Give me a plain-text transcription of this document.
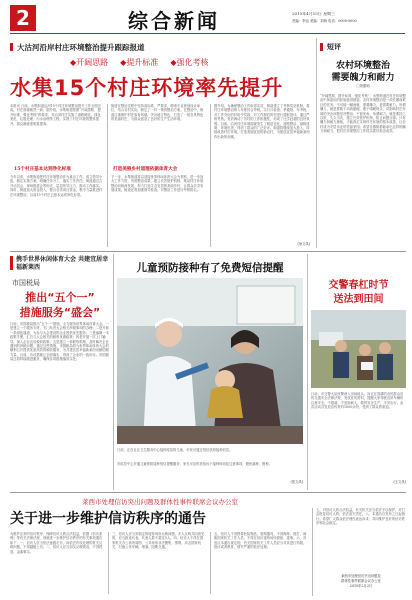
2	综合新闻	2015年4月15日 星期三
责编：李运 美编：刘杨 电话：0000-0000
大沽河沿岸村庄环境整治提升跟踪报道
◆开阔思路 ◆提升标准 ◆强化考核
水集15个村庄环境率先提升
本报讯 日前，水集街道沿河15个村庄环境整治提升工作全面完成，村庄面貌焕然一新。据介绍，水集街道按照“开阔思路、提升标准、强化考核”的要求，对沿河村庄实施了道路硬化、绿化美化、垃圾处理、污水治理等工程，实现了村庄环境的整体提升，群众满意度明显提高。
15个村庄基本达到净化标准
今年以来，水集街道把村庄环境整治作为重点工作，成立领导小组，制定实施方案，明确任务分工，落实工作责任。街道通过召开动员会、现场推进会等形式，层层传导压力，推动工作落实。同时，街道加大资金投入，整合各类项目资金，集中力量推进村庄环境整治，目前15个村庄已基本达到净化标准。
街道在整治过程中坚持高标准、严要求，聘请专业规划设计单位，结合各村实际，制定了一村一策的整治方案。在整治中，街道注重保护村庄原有风貌，突出地方特色，打造了一批各具特色的美丽村庄，为群众创造了良好的生产生活环境。
打造美丽乡村道理依据体育大会
下一步，水集街道将以迎接世界休闲体育大会为契机，进一步加大工作力度，巩固整治成果，建立长效管护机制，推动村庄环境整治向纵深发展，努力打造生态宜居的美丽乡村，让群众共享发展成果。街道还将加强督导检查，对整治工作进行考核排名。
据介绍，为确保整治工作取得实效，街道建立了考核奖惩机制，将村庄环境整治纳入年度综合考核，实行月检查、季通报、年考核，对工作突出的村给予奖励，对工作滞后的村进行通报批评。通过严格考核，有效调动了各村的工作积极性，形成了比学赶超的良好氛围。目前，沿河村庄环境面貌发生了明显变化，道路整洁、绿树成荫、环境优美，得到了群众的广泛好评。街道将继续加大投入，持续改善村庄环境，打造美丽宜居的新农村，为建设宜居幸福新莱西作出新的贡献。
(徐文凤)
短评
农村环境整治
需要魄力和耐力
□刘照明
“开阔思路、提升标准、强化考核”，水集街道在村庄环境整治中探索出的经验值得借鉴。农村环境整治是一项长期而艰巨的任务，不可能一蹴而就，需要魄力，更需要耐力。所谓魄力，就是要敢于动真碰硬，敢于啃硬骨头，对影响村庄环境的突出问题坚决整治，不留死角。所谓耐力，就是要持之以恒、久久为功，建立长效管护机制，防止问题反弹。只有魄力和耐力兼备，才能真正实现村庄环境的根本改善，让农村成为安居乐业的美丽家园。希望各镇街都能拿出这样的魄力和耐力，把村庄环境整治工作抓实抓好抓出成效。
携手世界休闲体育大会 共建宜居幸福新莱西
市国税局
推出“五个一”
措施服务“盛会”
日前，市国税局推出“五个一”措施，全力服务世界休闲体育大会。一是建立一个服务专班，专门负责大会相关涉税事项的办理；二是开辟一条绿色通道，为参与大会建设的企业提供优先服务；三是编制一本政策手册，汇总与大会相关的税收优惠政策；四是开展一次上门辅导，深入企业宣讲税收政策；五是建立一套联络机制，及时解决企业遇到的涉税问题。通过这些措施，市国税局将为世界休闲体育大会的顺利召开提供优质高效的税收服务，为共建宜居幸福新莱西贡献国税力量。目前，各项措施已全面落实，得到了企业的一致好评。市国税局还将持续跟进服务，确保各项措施落到实处。
儿童预防接种有了免费短信提醒
日前，正在社区卫生服务中心接种疫苗的儿童，市民可通过短信获知接种信息。
市疾控中心开通儿童预防接种短信提醒服务，家长可及时获知孩子接种时间及注意事项，避免漏种、错种。
(张文凤)
交警春杠时节
送法到田间
日前，市交警大队民警深入田间地头，向正在春耕的农民群众宣传交通安全法律法规，发放宣传资料，提醒大家驾驶农用车辆时注意安全，不超载、不违规载人，做到安全生产、平安出行。此次活动共发放宣传材料1000余份，受到了群众的欢迎。
(王文凤)
莱西市处理信访突出问题及群体性事件联席会议办公室
关于进一步维护信访秩序的通告
为维护正常的信访秩序，保障信访人的合法权益，依据《信访条例》等有关法律法规，现就进一步维护信访秩序的有关事项通告如下：一、信访人应当依法逐级走访，向依法有权处理的机关反映问题，不得越级上访。二、信访人应当如实反映情况，不得捏造、歪曲事实。
三、信访人应当到指定的接待场所反映问题，多人反映共同意见的，应当推选代表，代表人数不超过5人。四、信访人不得在国家机关办公场所周围、公共场所非法聚集，围堵、冲击国家机关，拦截公务车辆，堵塞、阻断交通。
五、信访人不得携带危险物品、管制器具，不得侮辱、殴打、威胁国家机关工作人员，不得在信访接待场所滞留、滋事。六、对违反本通告规定的，有关国家机关工作人员应当对其进行劝阻、批评或者教育，情节严重的依法处理。
七、对信访人的合法权益，有关机关应当依法予以保护，对打击报复信访人的，依法追究责任。八、本通告自发布之日起施行。希望广大群众依法理性表达诉求，共同维护良好的信访秩序和社会稳定。
莱西市处理信访突出问题及
群体性事件联席会议办公室
2015年2月2日
